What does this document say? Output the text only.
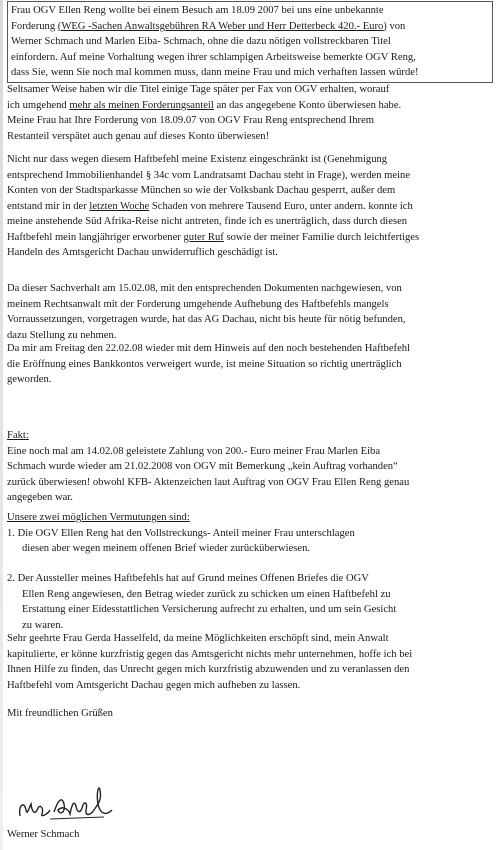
Frau OGV Ellen Reng wollte bei einem Besuch am 18.09 2007 bei uns eine unbekannte

Forderung (WEG -Sachen Anwaltsgebühren RA Weber und Herr Detterbeck 420.- Euro) von

Werner Schmach und Marlen Eiba- Schmach, ohne die dazu nötigen vollstreckbaren Titel

einfordern. Auf meine Vorhaltung wegen ihrer schlampigen Arbeitsweise bemerkte OGV Reng,

dass Sie, wenn Sie noch mal kommen muss, dann meine Frau und mich verhaften lassen würde!

Seltsamer Weise haben wir die Titel einige Tage später per Fax von OGV erhalten, worauf

ich umgehend mehr als meinen Forderungsanteil an das angegebene Konto überwiesen habe.

Meine Frau hat Ihre Forderung von 18.09.07 von OGV Frau Reng entsprechend Ihrem

Restanteil verspätet auch genau auf dieses Konto überwiesen!

Nicht nur dass wegen diesem Haftbefehl meine Existenz eingeschränkt ist (Genehmigung

entsprechend Immobilienhandel § 34c vom Landratsamt Dachau steht in Frage), werden meine

Konten von der Stadtsparkasse München so wie der Volksbank Dachau gesperrt, außer dem

entstand mir in der letzten Woche Schaden von mehrere Tausend Euro, unter andern. konnte ich

meine anstehende Süd Afrika-Reise nicht antreten, finde ich es unerträglich, dass durch diesen

Haftbefehl mein langjähriger erworbener guter Ruf sowie der meiner Familie durch leichtfertiges

Handeln des Amtsgericht Dachau unwiderruflich geschädigt ist.

Da dieser Sachverhalt am 15.02.08, mit den entsprechenden Dokumenten nachgewiesen, von

meinem Rechtsanwalt mit der Forderung umgehende Aufhebung des Haftbefehls mangels

Vorraussetzungen, vorgetragen wurde, hat das AG Dachau, nicht bis heute für nötig befunden,

dazu Stellung zu nehmen.

Da mir am Freitag den 22.02.08 wieder mit dem Hinweis auf den noch bestehenden Haftbefehl

die Eröffnung eines Bankkontos verweigert wurde, ist meine Situation so richtig unerträglich

geworden.

Fakt:

Eine noch mal am 14.02.08 geleistete Zahlung von 200.- Euro meiner Frau Marlen Eiba

Schmach wurde wieder am 21.02.2008 von OGV mit Bemerkung „kein Auftrag vorhanden“

zurück überwiesen! obwohl KFB- Aktenzeichen laut Auftrag von OGV Frau Ellen Reng genau

angegeben war.

Unsere zwei möglichen Vermutungen sind:

1. Die OGV Ellen Reng hat den Vollstreckungs- Anteil meiner Frau unterschlagen

diesen aber wegen meinem offenen Brief wieder zurücküberwiesen.

2. Der Aussteller meines Haftbefehls hat auf Grund meines Offenen Briefes die OGV

Ellen Reng angewiesen, den Betrag wieder zurück zu schicken um einen Haftbefehl zu

Erstattung einer Eidesstattlichen Versicherung aufrecht zu erhalten, und um sein Gesicht

zu waren.

Sehr geehrte Frau Gerda Hasselfeld, da meine Möglichkeiten erschöpft sind, mein Anwalt

kapitulierte, er könne kurzfristig gegen das Amtsgericht nichts mehr unternehmen, hoffe ich bei

Ihnen Hilfe zu finden, das Unrecht gegen mich kurzfristig abzuwenden und zu veranlassen den

Haftbefehl vom Amtsgericht Dachau gegen mich aufheben zu lassen.

Mit freundlichen Grüßen
Werner Schmach
